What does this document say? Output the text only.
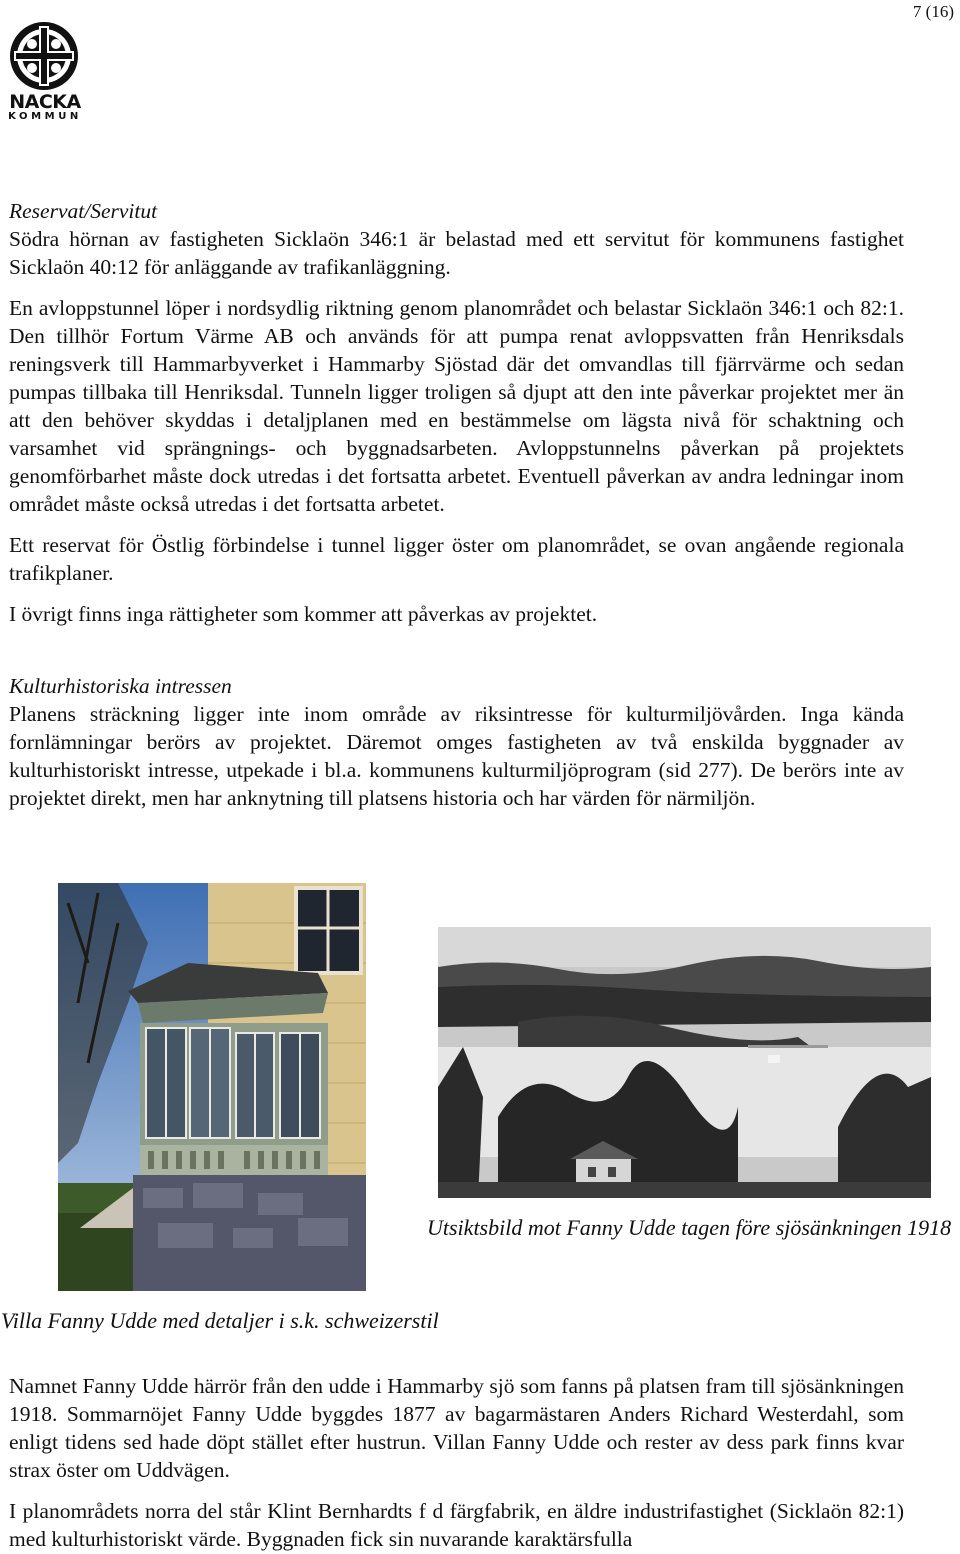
7 (16)
NACKA
KOMMUN
Reservat/Servitut
Södra hörnan av fastigheten Sicklaön 346:1 är belastad med ett servitut för kommunens fastighet Sicklaön 40:12 för anläggande av trafikanläggning.
En avloppstunnel löper i nordsydlig riktning genom planområdet och belastar Sicklaön 346:1 och 82:1. Den tillhör Fortum Värme AB och används för att pumpa renat avloppsvatten från Henriksdals reningsverk till Hammarbyverket i Hammarby Sjöstad där det omvandlas till fjärrvärme och sedan pumpas tillbaka till Henriksdal. Tunneln ligger troligen så djupt att den inte påverkar projektet mer än att den behöver skyddas i detaljplanen med en bestämmelse om lägsta nivå för schaktning och varsamhet vid sprängnings- och byggnadsarbeten. Avloppstunnelns påverkan på projektets genomförbarhet måste dock utredas i det fortsatta arbetet. Eventuell påverkan av andra ledningar inom området måste också utredas i det fortsatta arbetet.
Ett reservat för Östlig förbindelse i tunnel ligger öster om planområdet, se ovan angående regionala trafikplaner.
I övrigt finns inga rättigheter som kommer att påverkas av projektet.
Kulturhistoriska intressen
Planens sträckning ligger inte inom område av riksintresse för kulturmiljövården. Inga kända fornlämningar berörs av projektet. Däremot omges fastigheten av två enskilda byggnader av kulturhistoriskt intresse, utpekade i bl.a. kommunens kulturmiljöprogram (sid 277). De berörs inte av projektet direkt, men har anknytning till platsens historia och har värden för närmiljön.
Villa Fanny Udde med detaljer i s.k. schweizerstil
Utsiktsbild mot Fanny Udde tagen före sjösänkningen 1918
Namnet Fanny Udde härrör från den udde i Hammarby sjö som fanns på platsen fram till sjösänkningen 1918. Sommarnöjet Fanny Udde byggdes 1877 av bagarmästaren Anders Richard Westerdahl, som enligt tidens sed hade döpt stället efter hustrun. Villan Fanny Udde och rester av dess park finns kvar strax öster om Uddvägen.
I planområdets norra del står Klint Bernhardts f d färgfabrik, en äldre industrifastighet (Sicklaön 82:1) med kulturhistoriskt värde. Byggnaden fick sin nuvarande karaktärsfulla
